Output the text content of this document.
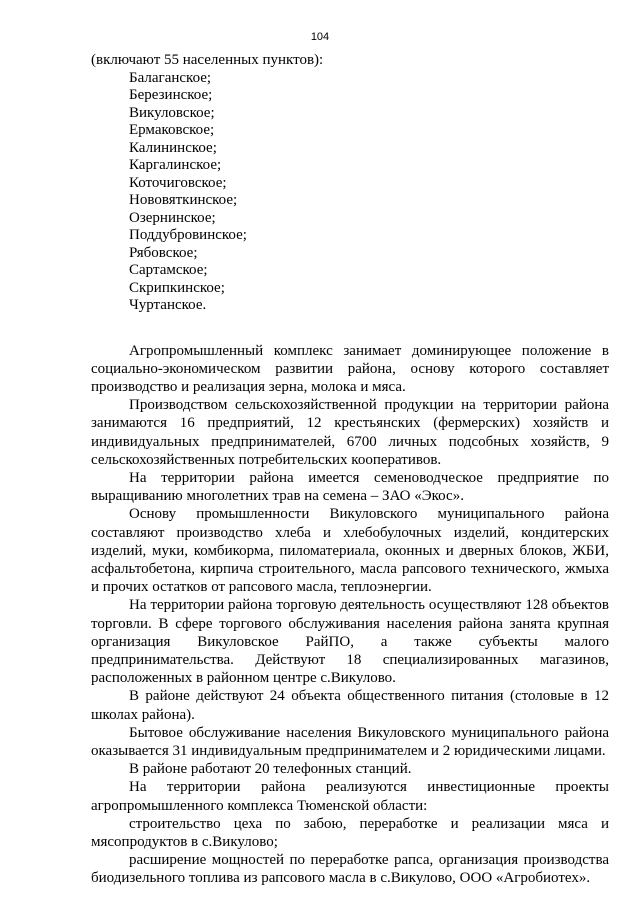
104

(включают 55 населенных пунктов):

Балаганское;
Березинское;
Викуловское;
Ермаковское;
Калининское;
Каргалинское;
Коточиговское;
Нововяткинское;
Озернинское;
Поддубровинское;
Рябовское;
Сартамское;
Скрипкинское;
Чуртанское.

Агропромышленный комплекс занимает доминирующее положение в социально-экономическом развитии района, основу которого составляет производство и реализация зерна, молока и мяса.

Производством сельскохозяйственной продукции на территории района занимаются 16 предприятий, 12 крестьянских (фермерских) хозяйств и индивидуальных предпринимателей, 6700 личных подсобных хозяйств, 9 сельскохозяйственных потребительских кооперативов.

На территории района имеется семеноводческое предприятие по выращиванию многолетних трав на семена – ЗАО «Экос».

Основу промышленности Викуловского муниципального района составляют производство хлеба и хлебобулочных изделий, кондитерских изделий, муки, комбикорма, пиломатериала, оконных и дверных блоков, ЖБИ, асфальтобетона, кирпича строительного, масла рапсового технического, жмыха и прочих остатков от рапсового масла, теплоэнергии.

На территории района торговую деятельность осуществляют 128 объектов торговли. В сфере торгового обслуживания населения района занята крупная организация Викуловское РайПО, а также субъекты малого предпринимательства. Действуют 18 специализированных магазинов, расположенных в районном центре с.Викулово.

В районе действуют 24 объекта общественного питания (столовые в 12 школах района).

Бытовое обслуживание населения Викуловского муниципального района оказывается 31 индивидуальным предпринимателем и 2 юридическими лицами.

В районе работают 20 телефонных станций.

На территории района реализуются инвестиционные проекты агропромышленного комплекса Тюменской области:

строительство цеха по забою, переработке и реализации мяса и мясопродуктов в с.Викулово;

расширение мощностей по переработке рапса, организация производства биодизельного топлива из рапсового масла в с.Викулово, ООО «Агробиотех».
